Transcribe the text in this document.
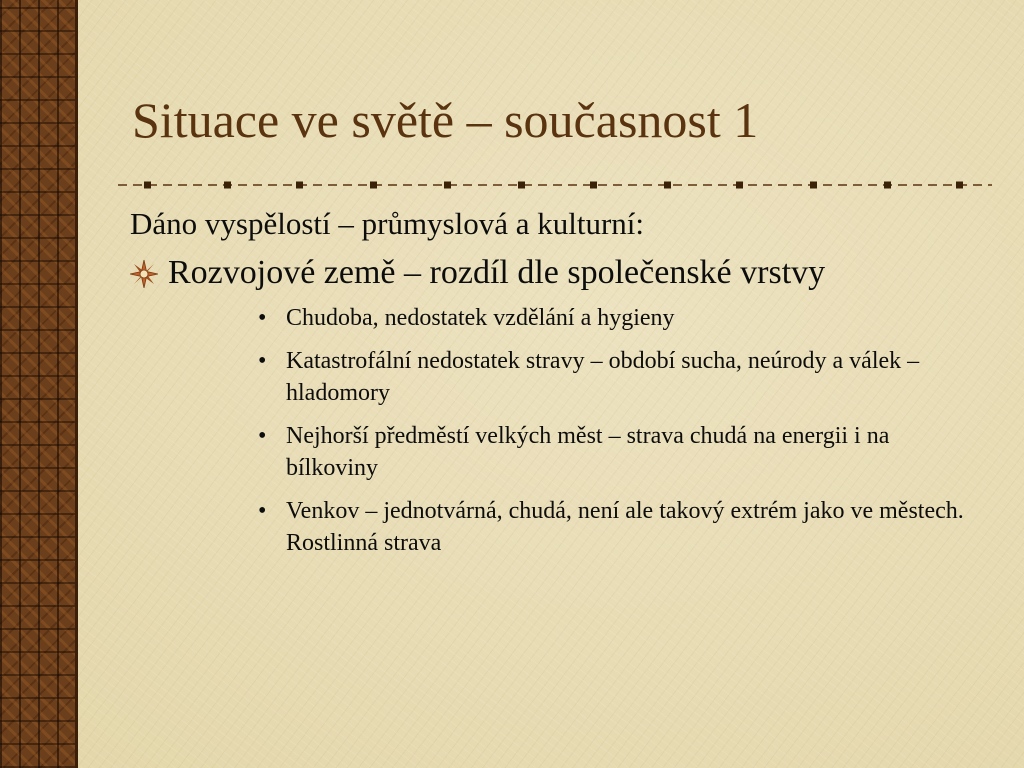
Situace ve světě – současnost 1

Dáno vyspělostí – průmyslová a kulturní:

Rozvojové země – rozdíl dle společenské vrstvy
• Chudoba, nedostatek vzdělání a hygieny
• Katastrofální nedostatek stravy – období sucha, neúrody a válek – hladomory
• Nejhorší předměstí velkých měst – strava chudá na energii i na bílkoviny
• Venkov – jednotvárná, chudá, není ale takový extrém jako ve městech. Rostlinná strava
